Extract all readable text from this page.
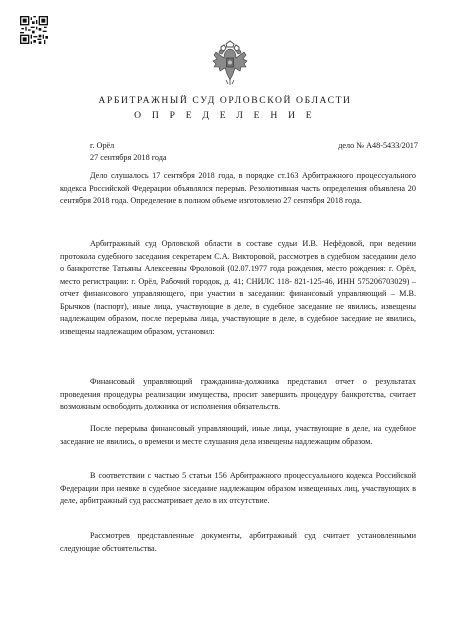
АРБИТРАЖНЫЙ СУД ОРЛОВСКОЙ ОБЛАСТИ
О П Р Е Д Е Л Е Н И Е
г. Орёл	дело № А48-5433/2017
27 сентября 2018 года

Дело слушалось 17 сентября 2018 года, в порядке ст.163 Арбитражного процессуального кодекса Российской Федерации объявлялся перерыв. Резолютивная часть определения объявлена 20 сентября 2018 года. Определение в полном объеме изготовлено 27 сентября 2018 года.

Арбитражный суд Орловской области в составе судьи И.В. Нефёдовой, при ведении протокола судебного заседания секретарем С.А. Викторовой, рассмотрев в судебном заседании дело о банкротстве Татьяны Алексеевны Фроловой (02.07.1977 года рождения, место рождения: г. Орёл, место регистрации: г. Орёл, Рабочий городок, д. 41; СНИЛС 118- 821-125-46, ИНН 575206703029) – отчет финансового управляющего, при участии в заседании: финансовый управляющий – М.В. Брычков (паспорт), иные лица, участвующие в деле, в судебное заседание не явились, извещены надлежащим образом, после перерыва лица, участвующие в деле, в судебное заседние не явились, извещены надлежащим образом, установил:

Финансовый управляющий гражданина-должника представил отчет о результатах проведения процедуры реализации имущества, просит завершить процедуру банкротства, считает возможным освободить должника от исполнения обязательств.

После перерыва финансовый управляющий, иные лица, участвующие в деле, на судебное заседание не явились, о времени и месте слушания дела извещены надлежащим образом.

В соответствии с частью 5 статьи 156 Арбитражного процессуального кодекса Российской Федерации при неявке в судебное заседание надлежащим образом извещенных лиц, участвующих в деле, арбитражный суд рассматривает дело в их отсутствие.

Рассмотрев представленные документы, арбитражный суд считает установленными следующие обстоятельства.
